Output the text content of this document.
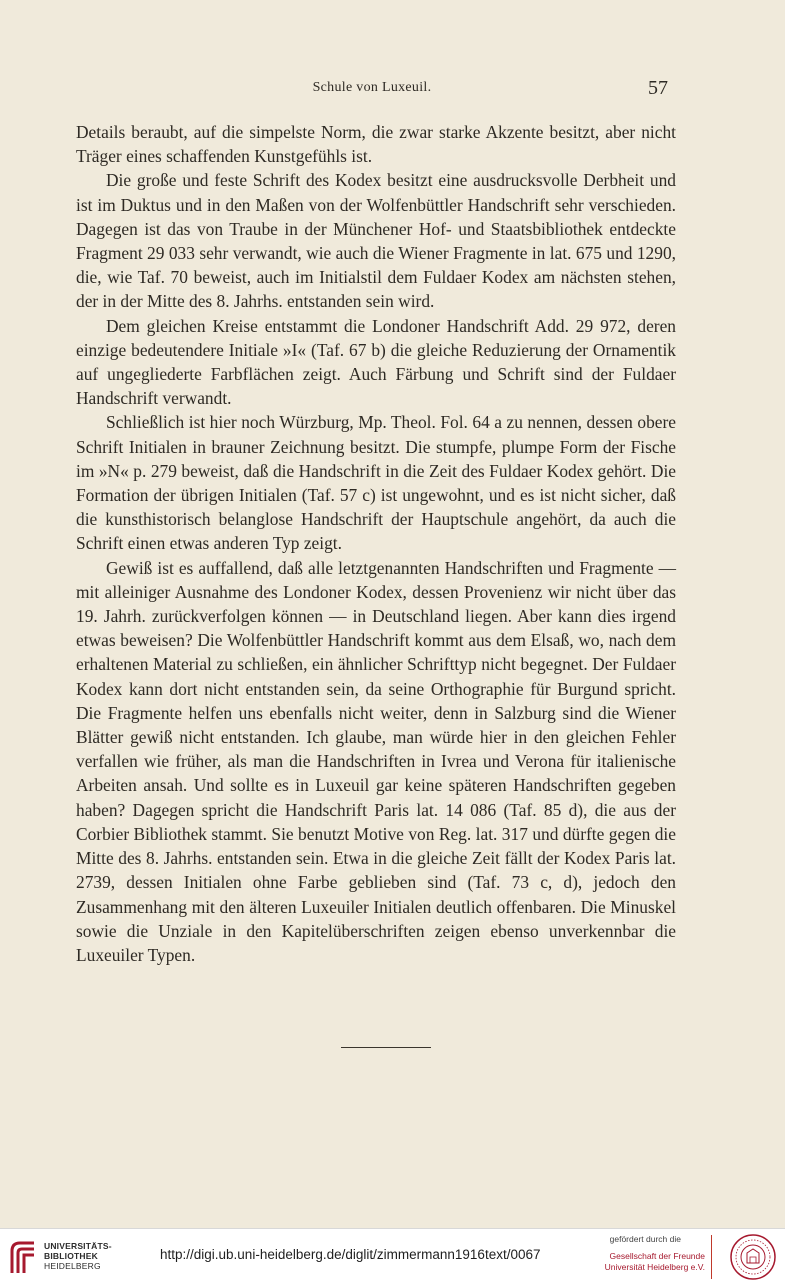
Schule von Luxeuil.	57

Details beraubt, auf die simpelste Norm, die zwar starke Akzente besitzt, aber nicht Träger eines schaffenden Kunstgefühls ist.

Die große und feste Schrift des Kodex besitzt eine ausdrucksvolle Derbheit und ist im Duktus und in den Maßen von der Wolfenbüttler Handschrift sehr verschieden. Dagegen ist das von Traube in der Münchener Hof- und Staatsbibliothek entdeckte Fragment 29 033 sehr verwandt, wie auch die Wiener Fragmente in lat. 675 und 1290, die, wie Taf. 70 beweist, auch im Initialstil dem Fuldaer Kodex am nächsten stehen, der in der Mitte des 8. Jahrhs. entstanden sein wird.

Dem gleichen Kreise entstammt die Londoner Handschrift Add. 29 972, deren einzige bedeutendere Initiale »I« (Taf. 67 b) die gleiche Reduzierung der Ornamentik auf ungegliederte Farbflächen zeigt. Auch Färbung und Schrift sind der Fuldaer Handschrift verwandt.

Schließlich ist hier noch Würzburg, Mp. Theol. Fol. 64 a zu nennen, dessen obere Schrift Initialen in brauner Zeichnung besitzt. Die stumpfe, plumpe Form der Fische im »N« p. 279 beweist, daß die Handschrift in die Zeit des Fuldaer Kodex gehört. Die Formation der übrigen Initialen (Taf. 57 c) ist ungewohnt, und es ist nicht sicher, daß die kunsthistorisch belanglose Handschrift der Hauptschule angehört, da auch die Schrift einen etwas anderen Typ zeigt.

Gewiß ist es auffallend, daß alle letztgenannten Handschriften und Fragmente — mit alleiniger Ausnahme des Londoner Kodex, dessen Provenienz wir nicht über das 19. Jahrh. zurückverfolgen können — in Deutschland liegen. Aber kann dies irgend etwas beweisen? Die Wolfenbüttler Handschrift kommt aus dem Elsaß, wo, nach dem erhaltenen Material zu schließen, ein ähnlicher Schrifttyp nicht begegnet. Der Fuldaer Kodex kann dort nicht entstanden sein, da seine Orthographie für Burgund spricht. Die Fragmente helfen uns ebenfalls nicht weiter, denn in Salzburg sind die Wiener Blätter gewiß nicht entstanden. Ich glaube, man würde hier in den gleichen Fehler verfallen wie früher, als man die Handschriften in Ivrea und Verona für italienische Arbeiten ansah. Und sollte es in Luxeuil gar keine späteren Handschriften gegeben haben? Dagegen spricht die Handschrift Paris lat. 14 086 (Taf. 85 d), die aus der Corbier Bibliothek stammt. Sie benutzt Motive von Reg. lat. 317 und dürfte gegen die Mitte des 8. Jahrhs. entstanden sein. Etwa in die gleiche Zeit fällt der Kodex Paris lat. 2739, dessen Initialen ohne Farbe geblieben sind (Taf. 73 c, d), jedoch den Zusammenhang mit den älteren Luxeuiler Initialen deutlich offenbaren. Die Minuskel sowie die Unziale in den Kapitelüberschriften zeigen ebenso unverkennbar die Luxeuiler Typen.

UNIVERSITÄTS-
BIBLIOTHEK
HEIDELBERG
http://digi.ub.uni-heidelberg.de/diglit/zimmermann1916text/0067
gefördert durch die
Gesellschaft der Freunde
Universität Heidelberg e.V.
